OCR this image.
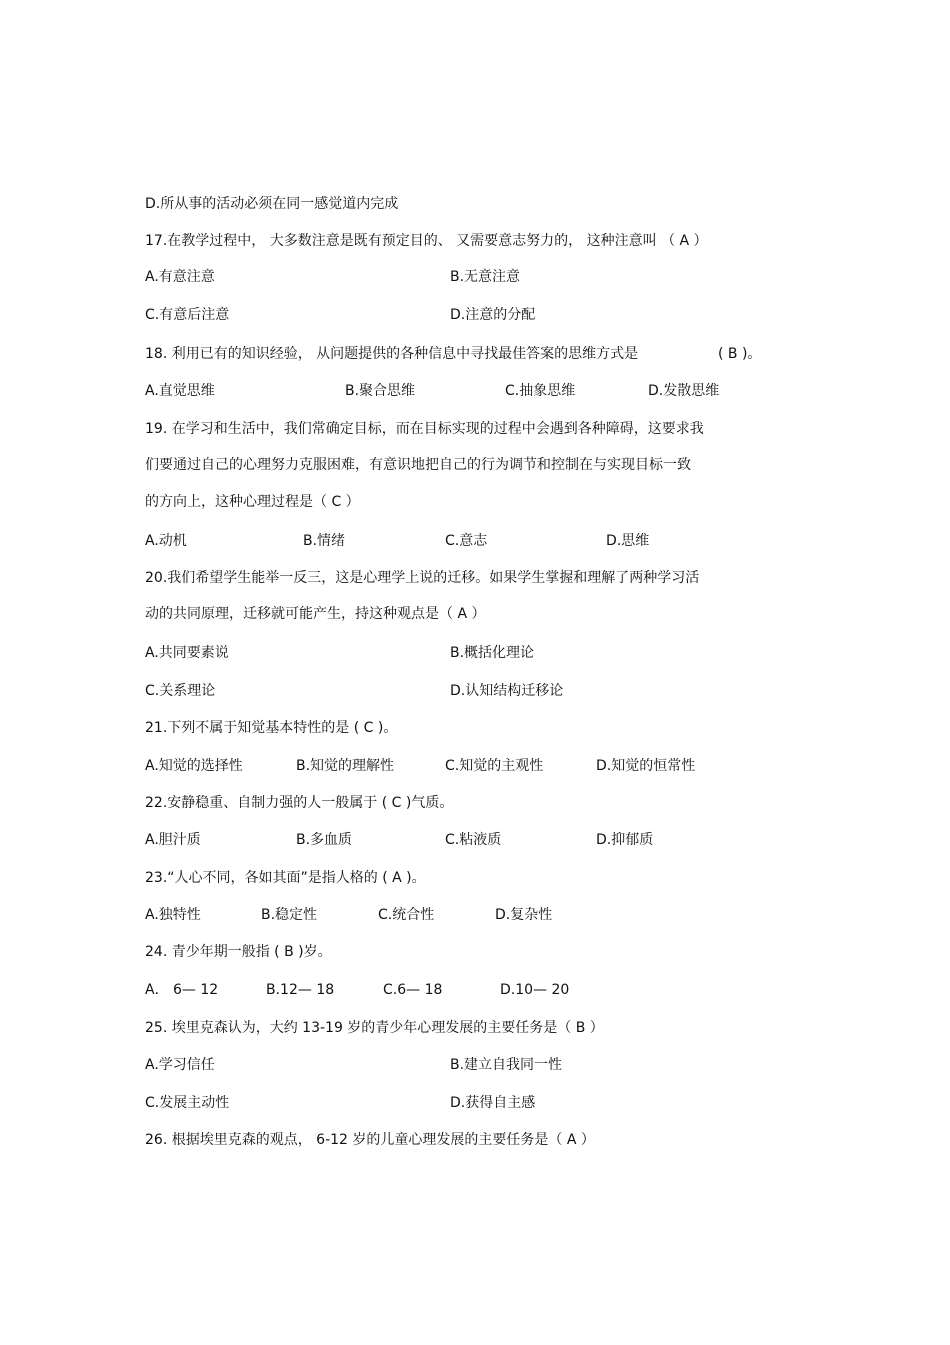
D.所从事的活动必须在同一感觉道内完成
17.在教学过程中， 大多数注意是既有预定目的、 又需要意志努力的， 这种注意叫 （ A ）
A.有意注意	B.无意注意
C.有意后注意	D.注意的分配
18. 利用已有的知识经验， 从问题提供的各种信息中寻找最佳答案的思维方式是	( B )。
A.直觉思维	B.聚合思维	C.抽象思维	D.发散思维
19. 在学习和生活中，我们常确定目标，而在目标实现的过程中会遇到各种障碍，这要求我
们要通过自己的心理努力克服困难，有意识地把自己的行为调节和控制在与实现目标一致
的方向上，这种心理过程是（ C ）
A.动机	B.情绪	C.意志	D.思维
20.我们希望学生能举一反三，这是心理学上说的迁移。如果学生掌握和理解了两种学习活
动的共同原理，迁移就可能产生，持这种观点是（ A ）
A.共同要素说	B.概括化理论
C.关系理论	D.认知结构迁移论
21.下列不属于知觉基本特性的是 ( C )。
A.知觉的选择性	B.知觉的理解性	C.知觉的主观性	D.知觉的恒常性
22.安静稳重、自制力强的人一般属于 ( C )气质。
A.胆汁质	B.多血质	C.粘液质	D.抑郁质
23.“人心不同，各如其面”是指人格的 ( A )。
A.独特性	B.稳定性	C.统合性	D.复杂性
24. 青少年期一般指 ( B )岁。
A． 6— 12	B.12— 18	C.6— 18	D.10— 20
25. 埃里克森认为，大约 13-19 岁的青少年心理发展的主要任务是（ B ）
A.学习信任	B.建立自我同一性
C.发展主动性	D.获得自主感
26. 根据埃里克森的观点， 6-12 岁的儿童心理发展的主要任务是（ A ）
